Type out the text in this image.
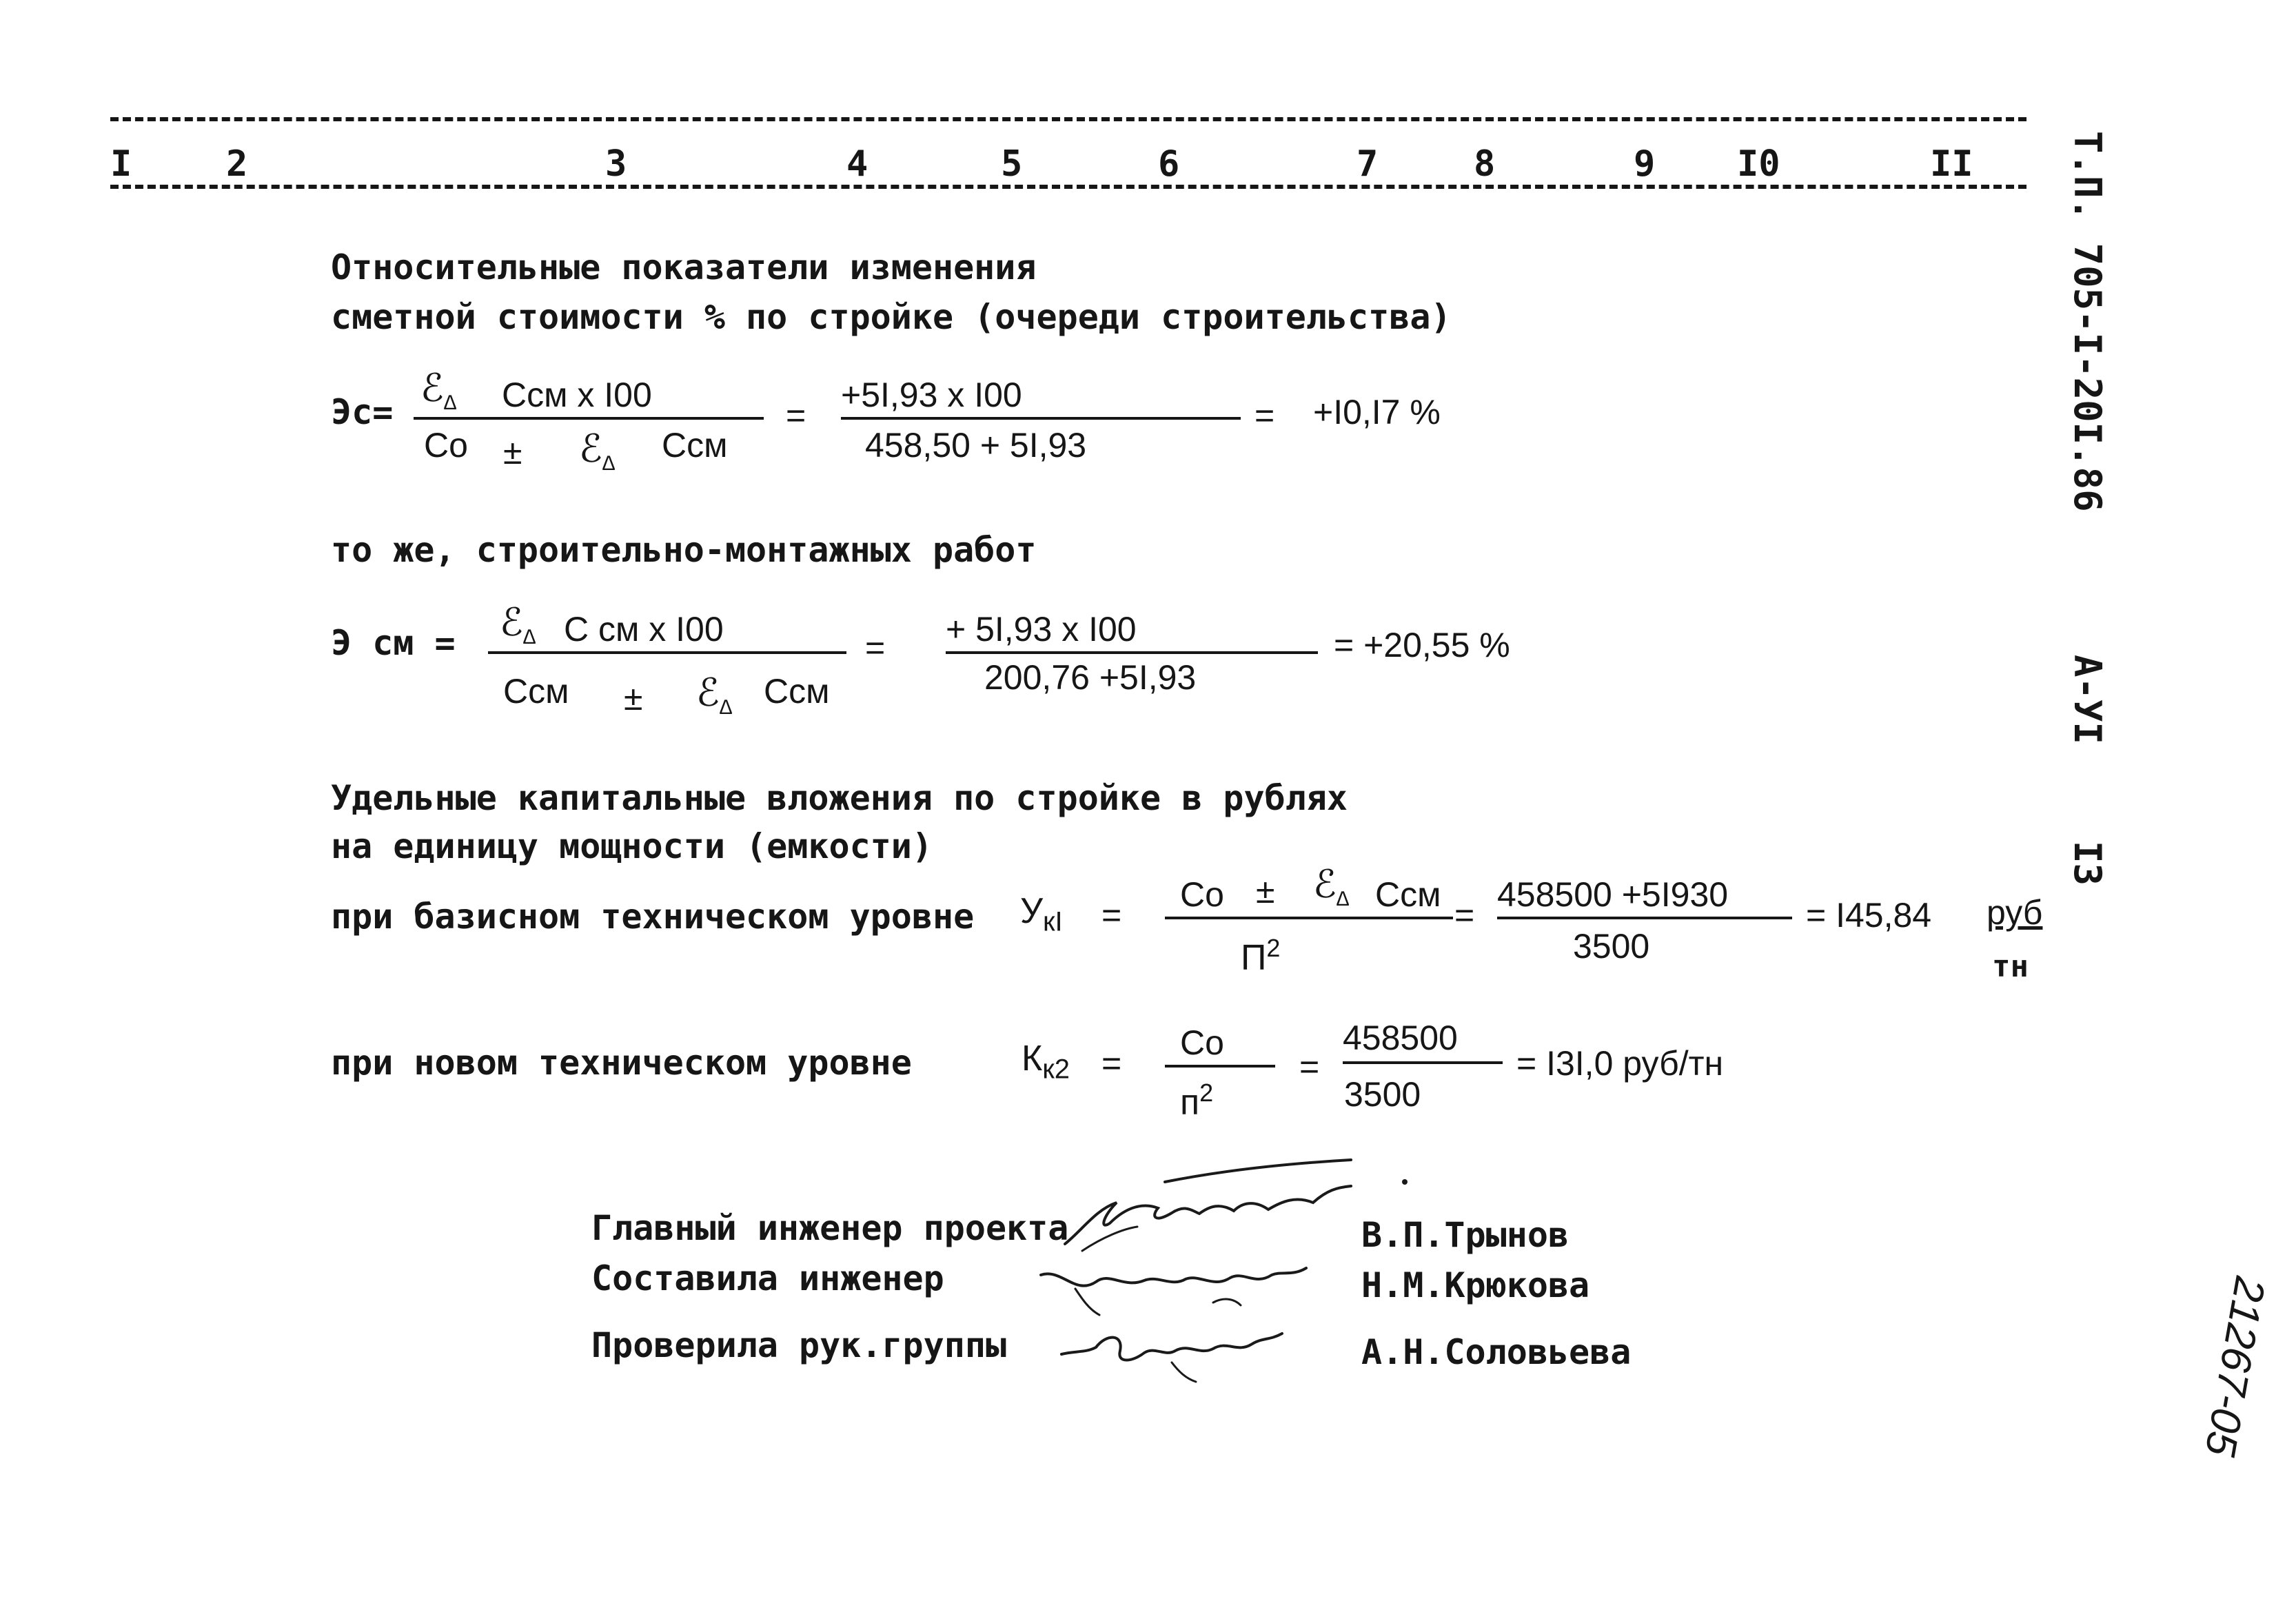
I	2	3	4	5	6	7	8	9 I0	II Т.П. 705-I-20I.86
А-УI
I3
21267-05
Относительные показатели изменения
сметной стоимости % по стройке (очереди строительства)
Эс=
ℰ$_\Delta$ Ссм х I00
Со ± ℰ$_\Delta$ Ссм
=
+5I,93 х I00
458,50 + 5I,93
= +I0,I7 %
то же, строительно-монтажных работ
Э см = ℰ$_\Delta$ С см х I00
Ссм ± ℰ$_\Delta$ Ссм
= + 5I,93 х I00
200,76 +5I,93
= +20,55 %
Удельные капитальные вложения по стройке в рублях
на единицу мощности (емкости)
при базисном техническом уровне $У_{кI}$ =
Со ± ℰ$_\Delta$ Ссм
$П^2$
=
458500 +5I930
3500
= I45,84 руб
тн
при новом техническом уровне	$К_{к2}$ =
Со
$п^2$
=
458500
3500
= I3I,0 руб/тн
Главный инженер проекта
Составила инженер
Проверила рук.группы
В.П.Трынов
Н.М.Крюкова
А.Н.Соловьева
